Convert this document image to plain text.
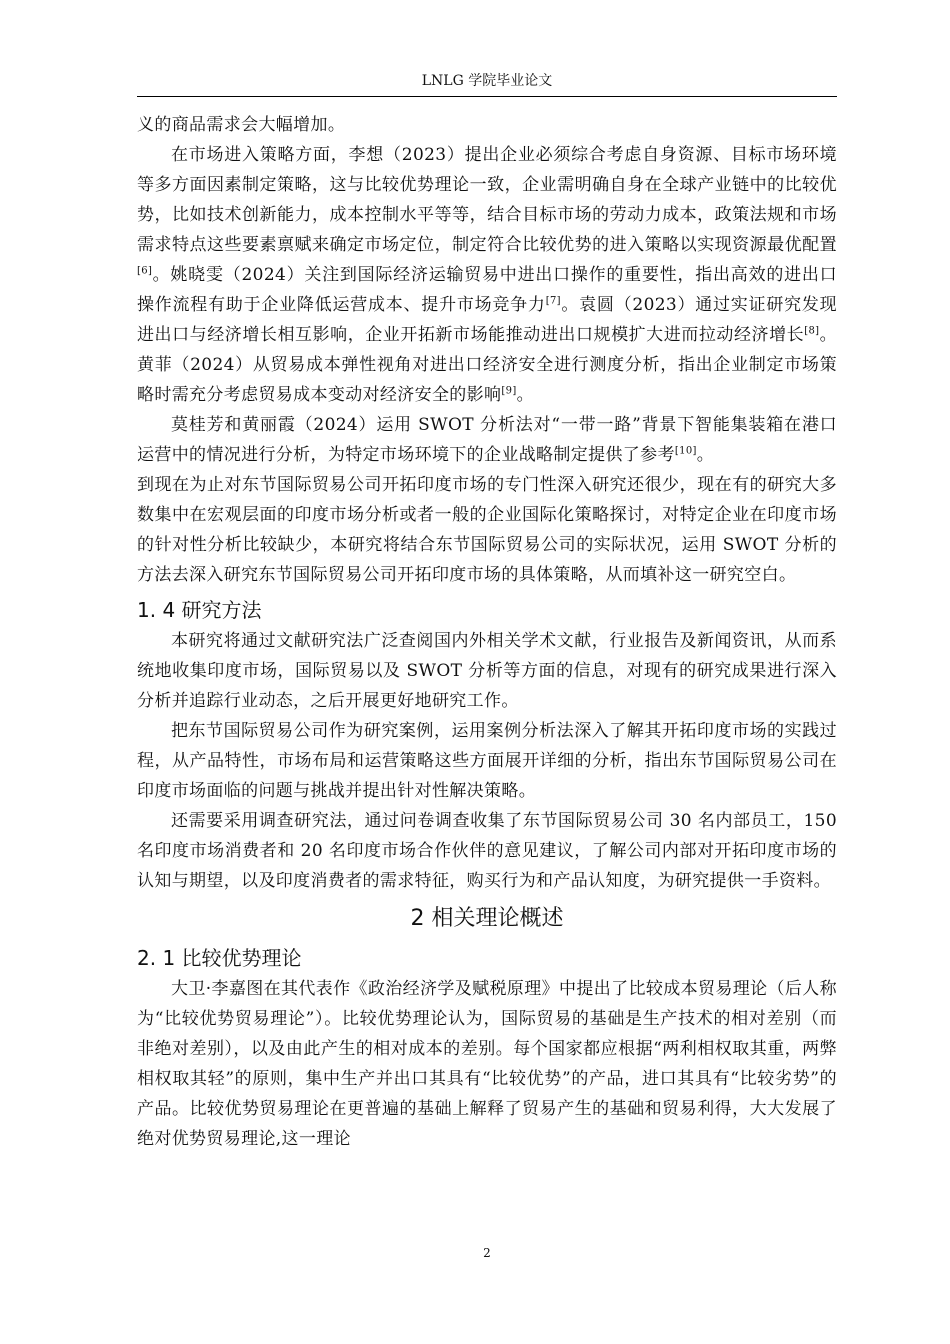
LNLG 学院毕业论文

义的商品需求会大幅增加。

在市场进入策略方面，李想（2023）提出企业必须综合考虑自身资源、目标市场环境等多方面因素制定策略，这与比较优势理论一致，企业需明确自身在全球产业链中的比较优势，比如技术创新能力，成本控制水平等等，结合目标市场的劳动力成本，政策法规和市场需求特点这些要素禀赋来确定市场定位，制定符合比较优势的进入策略以实现资源最优配置[6]。姚晓雯（2024）关注到国际经济运输贸易中进出口操作的重要性，指出高效的进出口操作流程有助于企业降低运营成本、提升市场竞争力[7]。袁圆（2023）通过实证研究发现进出口与经济增长相互影响，企业开拓新市场能推动进出口规模扩大进而拉动经济增长[8]。黄菲（2024）从贸易成本弹性视角对进出口经济安全进行测度分析，指出企业制定市场策略时需充分考虑贸易成本变动对经济安全的影响[9]。

莫桂芳和黄丽霞（2024）运用 SWOT 分析法对“一带一路”背景下智能集装箱在港口运营中的情况进行分析，为特定市场环境下的企业战略制定提供了参考[10]。

到现在为止对东节国际贸易公司开拓印度市场的专门性深入研究还很少，现在有的研究大多数集中在宏观层面的印度市场分析或者一般的企业国际化策略探讨，对特定企业在印度市场的针对性分析比较缺少，本研究将结合东节国际贸易公司的实际状况，运用 SWOT 分析的方法去深入研究东节国际贸易公司开拓印度市场的具体策略，从而填补这一研究空白。

1. 4 研究方法

本研究将通过文献研究法广泛查阅国内外相关学术文献，行业报告及新闻资讯，从而系统地收集印度市场，国际贸易以及 SWOT 分析等方面的信息，对现有的研究成果进行深入分析并追踪行业动态，之后开展更好地研究工作。

把东节国际贸易公司作为研究案例，运用案例分析法深入了解其开拓印度市场的实践过程，从产品特性，市场布局和运营策略这些方面展开详细的分析，指出东节国际贸易公司在印度市场面临的问题与挑战并提出针对性解决策略。

还需要采用调查研究法，通过问卷调查收集了东节国际贸易公司 30 名内部员工，150 名印度市场消费者和 20 名印度市场合作伙伴的意见建议，了解公司内部对开拓印度市场的认知与期望，以及印度消费者的需求特征，购买行为和产品认知度，为研究提供一手资料。

2 相关理论概述
2. 1 比较优势理论

大卫·李嘉图在其代表作《政治经济学及赋税原理》中提出了比较成本贸易理论（后人称为“比较优势贸易理论”）。比较优势理论认为，国际贸易的基础是生产技术的相对差别（而非绝对差别），以及由此产生的相对成本的差别。每个国家都应根据“两利相权取其重，两弊相权取其轻”的原则，集中生产并出口其具有“比较优势”的产品，进口其具有“比较劣势”的产品。比较优势贸易理论在更普遍的基础上解释了贸易产生的基础和贸易利得，大大发展了绝对优势贸易理论,这一理论

2
